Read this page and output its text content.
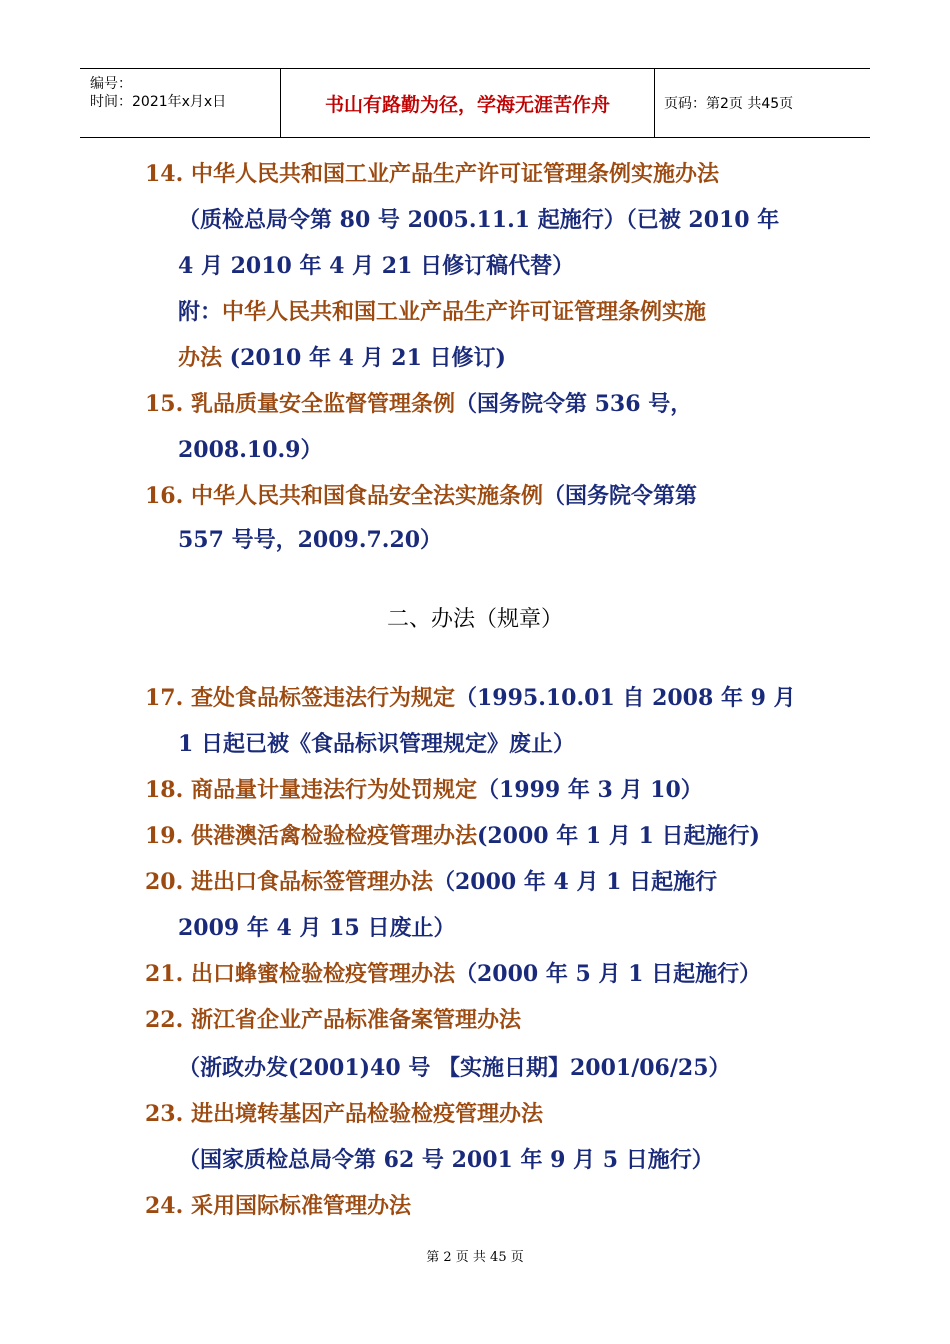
编号：
时间：2021年x月x日	书山有路勤为径，学海无涯苦作舟	页码：第2页 共45页
14. 中华人民共和国工业产品生产许可证管理条例实施办法
（质检总局令第 80 号 2005.11.1 起施行）（已被 2010 年
4 月 2010 年 4 月 21 日修订稿代替）
附：中华人民共和国工业产品生产许可证管理条例实施
办法 (2010 年 4 月 21 日修订)
15. 乳品质量安全监督管理条例（国务院令第 536 号，
2008.10.9）
16. 中华人民共和国食品安全法实施条例（国务院令第第
557 号号，2009.7.20）
二、办法（规章）
17. 查处食品标签违法行为规定（1995.10.01 自 2008 年 9 月
1 日起已被《食品标识管理规定》废止）
18. 商品量计量违法行为处罚规定（1999 年 3 月 10）
19. 供港澳活禽检验检疫管理办法(2000 年 1 月 1 日起施行)
20. 进出口食品标签管理办法（2000 年 4 月 1 日起施行
2009 年 4 月 15 日废止）
21. 出口蜂蜜检验检疫管理办法（2000 年 5 月 1 日起施行）
22. 浙江省企业产品标准备案管理办法
（浙政办发(2001)40 号 【实施日期】2001/06/25）
23. 进出境转基因产品检验检疫管理办法
（国家质检总局令第 62 号 2001 年 9 月 5 日施行）
24. 采用国际标准管理办法
第 2 页 共 45 页
